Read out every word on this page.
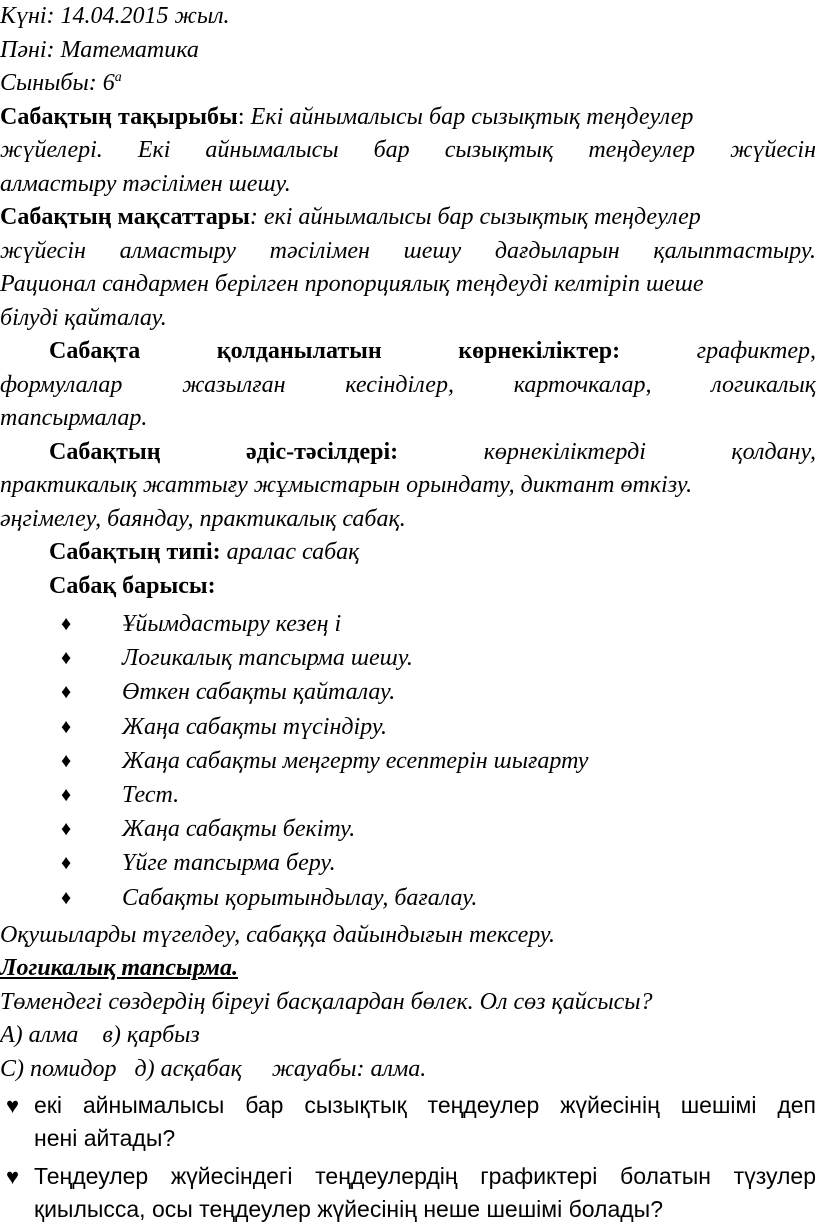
Күні: 14.04.2015 жыл.
Пәні: Математика
Сыныбы: $6^а$
Сабақтың тақырыбы: Екі айнымалысы бар сызықтық теңдеулер
жүйелері. Екі айнымалысы бар сызықтық теңдеулер жүйесін
алмастыру тәсілімен шешу.
Сабақтың мақсаттары: екі айнымалысы бар сызықтық теңдеулер
жүйесін алмастыру тәсілімен шешу дағдыларын қалыптастыру.
Рационал сандармен берілген пропорциялық теңдеуді келтіріп шеше
білуді қайталау.
Сабақта қолданылатын көрнекіліктер:	графиктер,
формулалар жазылған кесінділер, карточкалар, логикалық
тапсырмалар.
Сабақтың әдіс-тәсілдері:	көрнекіліктерді қолдану,
практикалық жаттығу жұмыстарын орындату, диктант өткізу.
әңгімелеу, баяндау, практикалық сабақ.
Сабақтың типі: аралас сабақ
Сабақ барысы:
♦ Ұйымдастыру кезең і
♦ Логикалық тапсырма шешу.
♦ Өткен сабақты қайталау.
♦ Жаңа сабақты түсіндіру.
♦ Жаңа сабақты меңгерту есептерін шығарту
♦ Тест.
♦ Жаңа сабақты бекіту.
♦ Үйге тапсырма беру.
♦ Сабақты қорытындылау, бағалау.
Оқушыларды түгелдеу, сабаққа дайындығын тексеру.
Логикалық тапсырма.
Төмендегі сөздердің біреуі басқалардан бөлек. Ол сөз қайсысы?
А) алма    в) қарбыз
С) помидор   д) асқабақ     жауабы: алма.
♥ екі айнымалысы бар сызықтық теңдеулер жүйесінің шешімі деп
нені айтады?
♥ Теңдеулер жүйесіндегі теңдеулердің графиктері болатын түзулер
қиылысса, осы теңдеулер жүйесінің неше шешімі болады?
